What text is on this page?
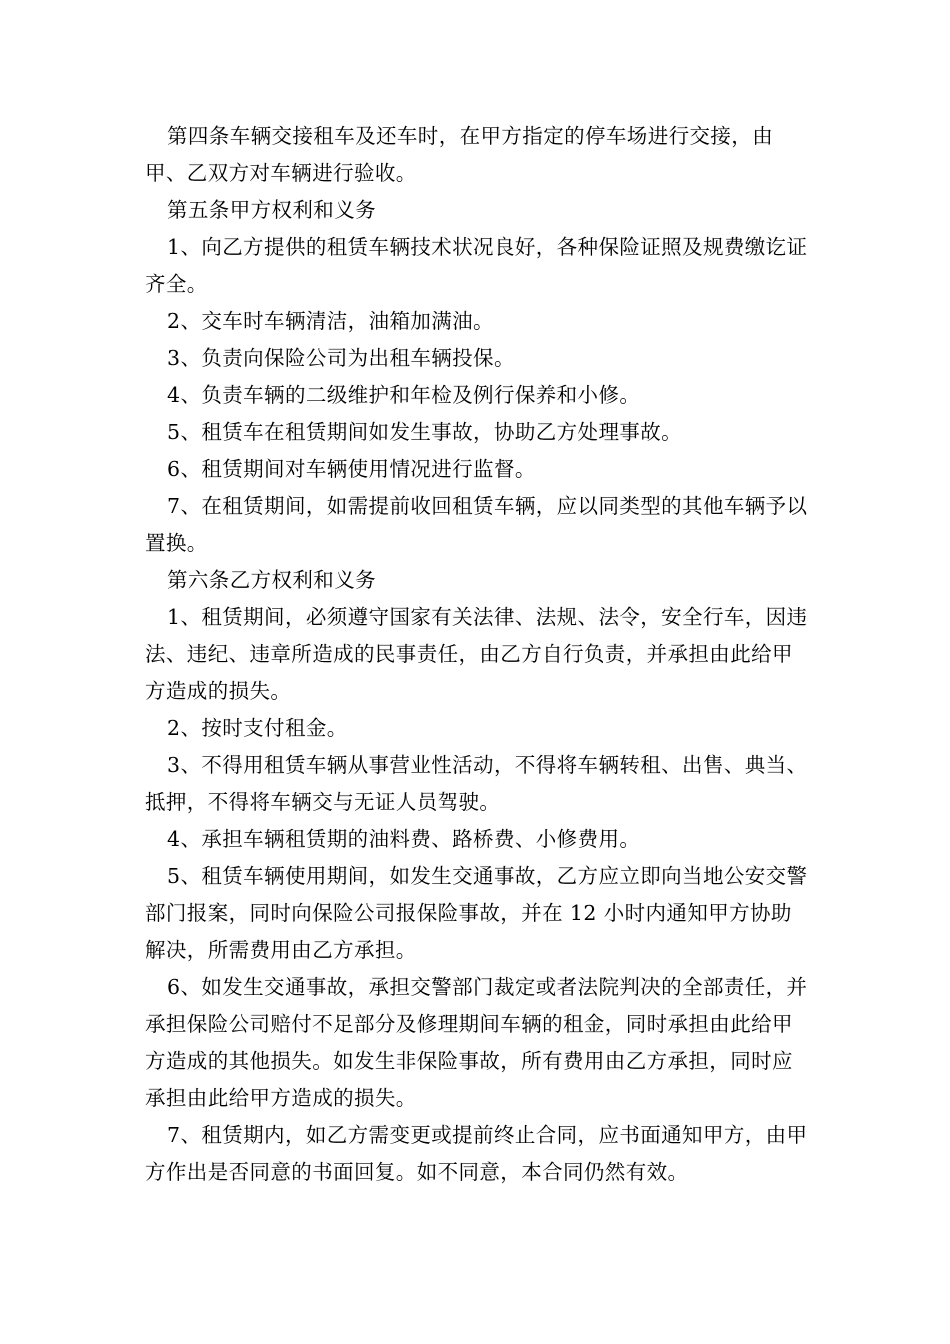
第四条车辆交接租车及还车时，在甲方指定的停车场进行交接，由甲、乙双方对车辆进行验收。

第五条甲方权利和义务

1、向乙方提供的租赁车辆技术状况良好，各种保险证照及规费缴讫证齐全。

2、交车时车辆清洁，油箱加满油。

3、负责向保险公司为出租车辆投保。

4、负责车辆的二级维护和年检及例行保养和小修。

5、租赁车在租赁期间如发生事故，协助乙方处理事故。

6、租赁期间对车辆使用情况进行监督。

7、在租赁期间，如需提前收回租赁车辆，应以同类型的其他车辆予以置换。

第六条乙方权利和义务

1、租赁期间，必须遵守国家有关法律、法规、法令，安全行车，因违法、违纪、违章所造成的民事责任，由乙方自行负责，并承担由此给甲方造成的损失。

2、按时支付租金。

3、不得用租赁车辆从事营业性活动，不得将车辆转租、出售、典当、抵押，不得将车辆交与无证人员驾驶。

4、承担车辆租赁期的油料费、路桥费、小修费用。

5、租赁车辆使用期间，如发生交通事故，乙方应立即向当地公安交警部门报案，同时向保险公司报保险事故，并在 12 小时内通知甲方协助解决，所需费用由乙方承担。

6、如发生交通事故，承担交警部门裁定或者法院判决的全部责任，并承担保险公司赔付不足部分及修理期间车辆的租金，同时承担由此给甲方造成的其他损失。如发生非保险事故，所有费用由乙方承担，同时应承担由此给甲方造成的损失。

7、租赁期内，如乙方需变更或提前终止合同，应书面通知甲方，由甲方作出是否同意的书面回复。如不同意，本合同仍然有效。
